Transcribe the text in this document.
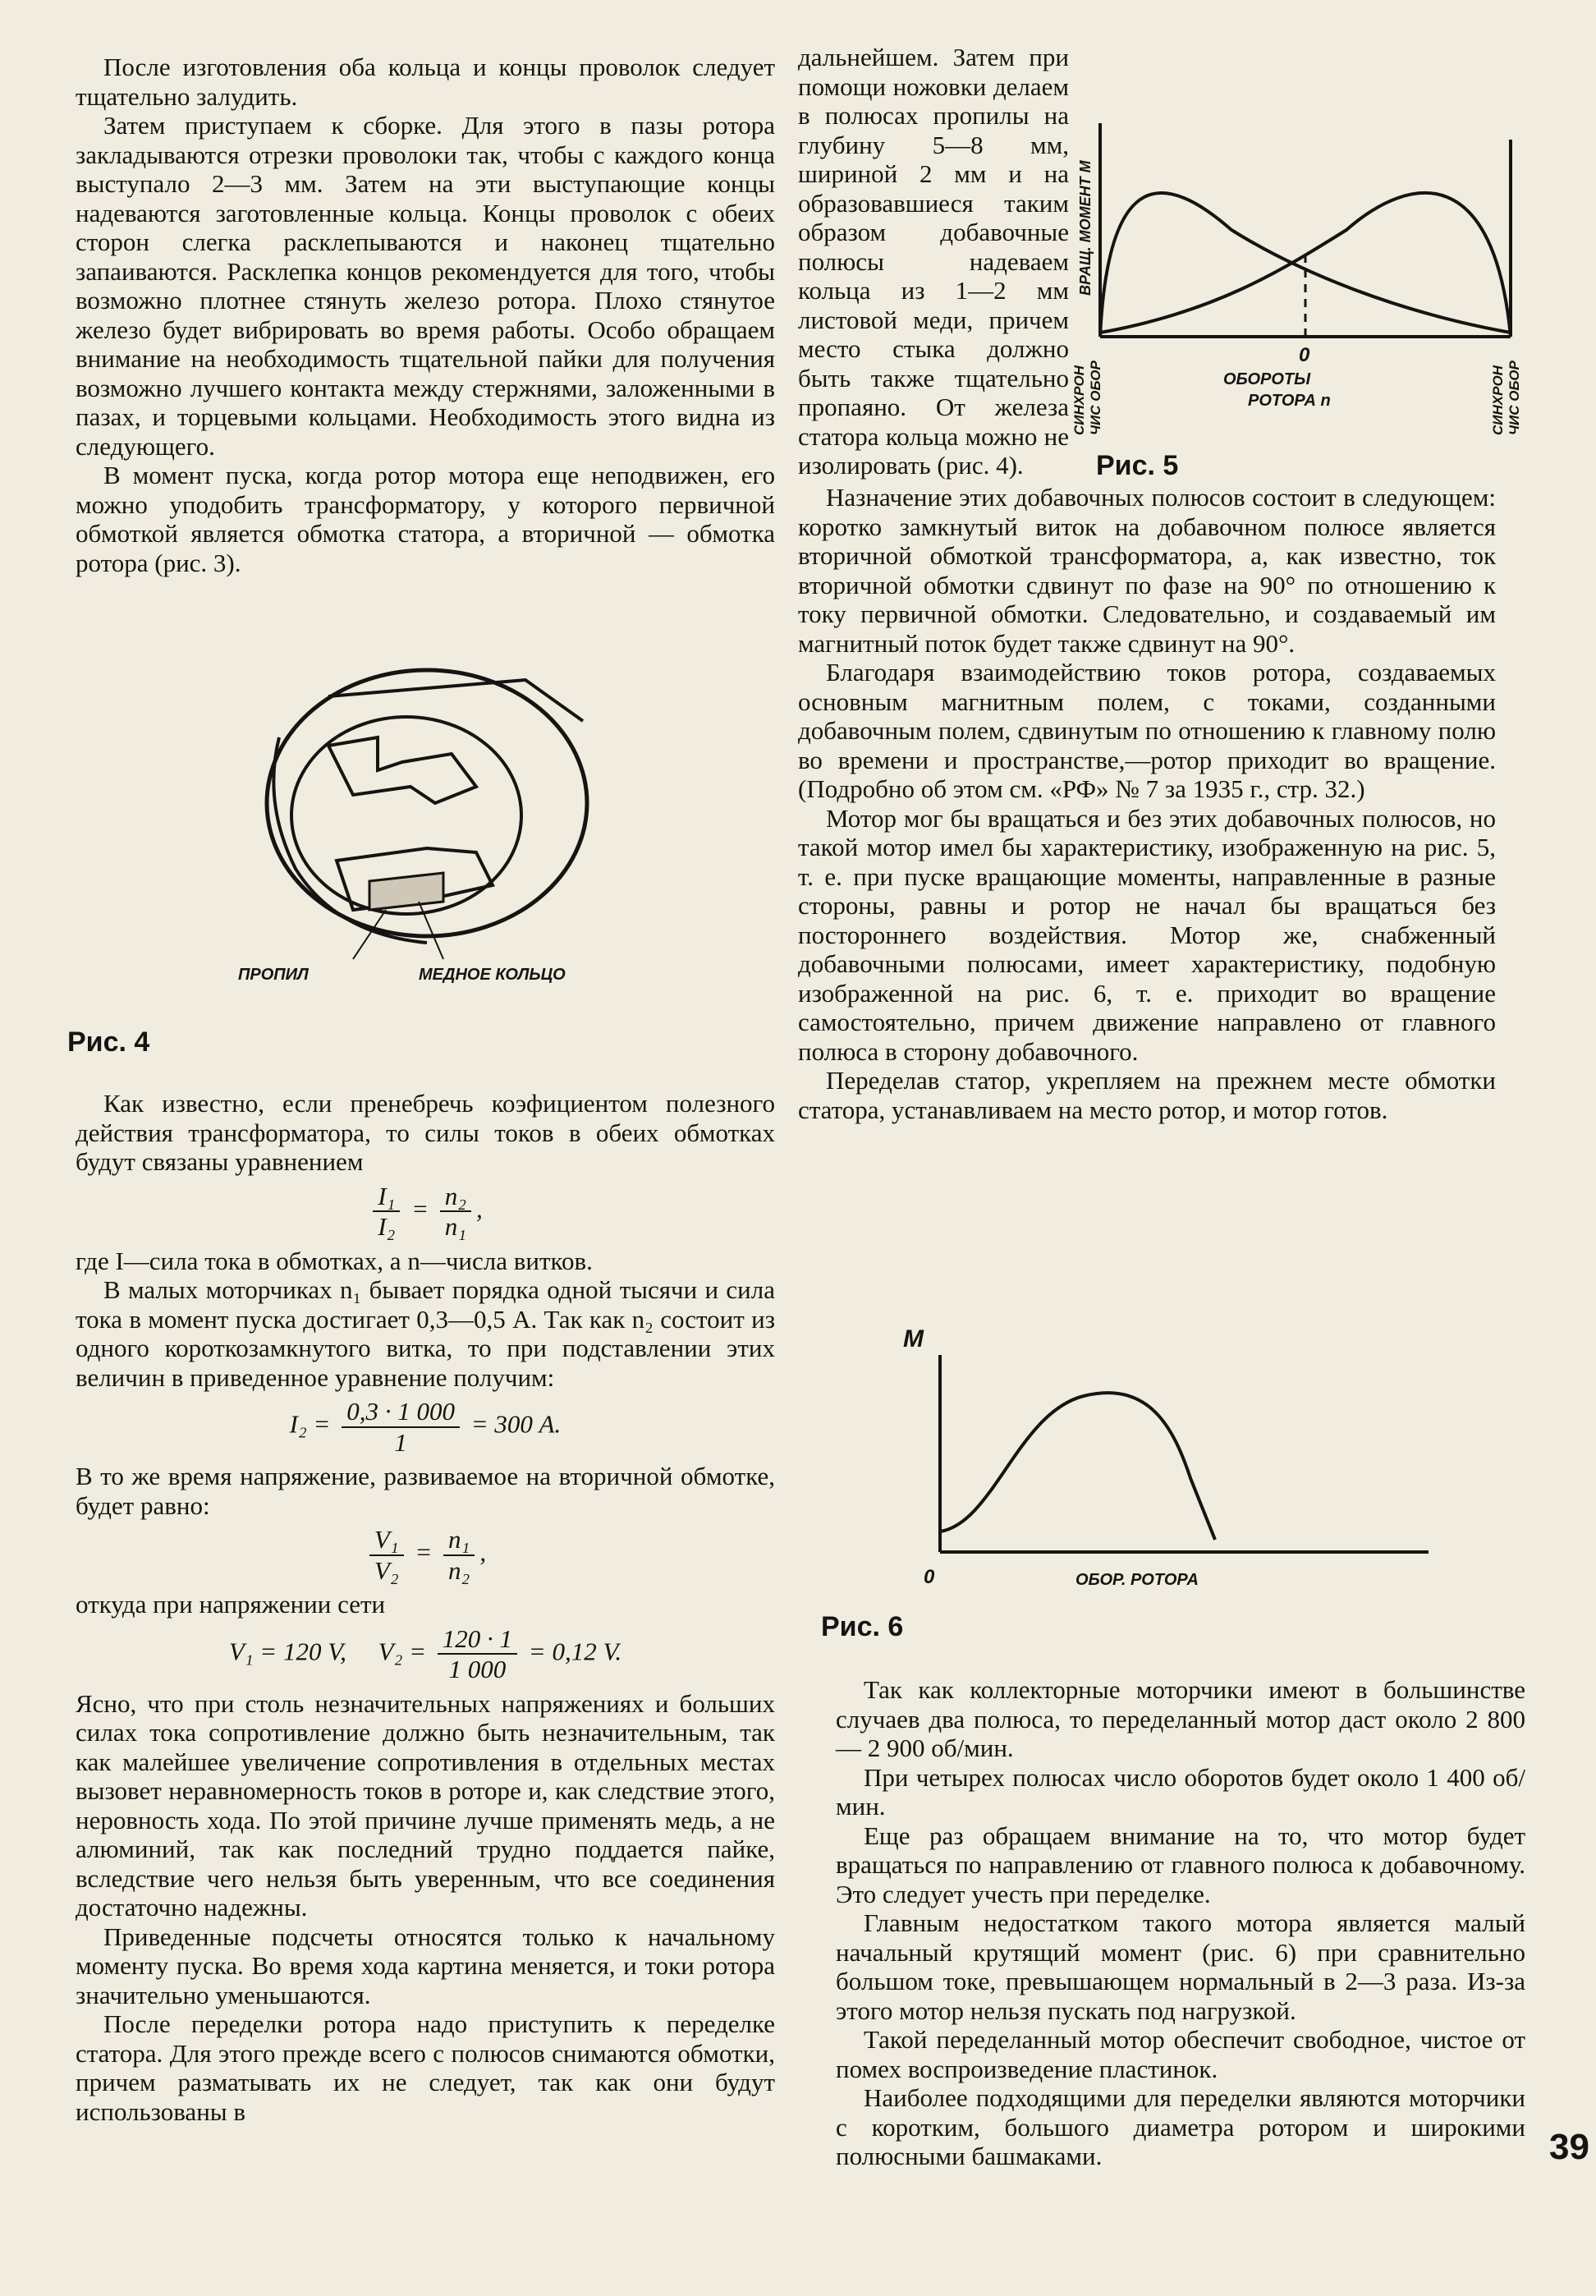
После изготовления оба кольца и концы проволок следует тщательно залудить.

Затем приступаем к сборке. Для этого в пазы ротора закладываются отрезки проволоки так, чтобы с каждого конца выступало 2—3 мм. Затем на эти выступающие концы надеваются заготовленные кольца. Концы проволок с обеих сторон слегка расклепываются и наконец тщательно запаиваются. Расклепка концов рекомендуется для того, чтобы возможно плотнее стянуть железо ротора. Плохо стянутое железо будет вибрировать во время работы. Особо обращаем внимание на необходимость тщательной пайки для получения возможно лучшего контакта между стержнями, заложенными в пазах, и торцевыми кольцами. Необходимость этого видна из следующего.

В момент пуска, когда ротор мотора еще неподвижен, его можно уподобить трансформатору, у которого первичной обмоткой является обмотка статора, а вторичной — обмотка ротора (рис. 3).

ПРОПИЛ	МЕДНОЕ КОЛЬЦО
Рис. 4

Как известно, если пренебречь коэфициентом полезного действия трансформатора, то силы токов в обеих обмотках будут связаны уравнением

$\frac{\text{I₁}}{\text{I₂}} = \frac{\text{n₂}}{\text{n₁}}$ ,

где I—сила тока в обмотках, а n—числа витков.

В малых моторчиках n₁ бывает порядка одной тысячи и сила тока в момент пуска достигает 0,3—0,5 А. Так как n₂ состоит из одного короткозамкнутого витка, то при подставлении этих величин в приведенное уравнение получим:

$I_2 = \frac{0,3 \cdot 1 000}{1} = 300$ А.

В то же время напряжение, развиваемое на вторичной обмотке, будет равно:

$\frac{\text{V₁}}{\text{V₂}} = \frac{\text{n₁}}{\text{n₂}}$ ,

откуда при напряжении сети

V₁ = 120 V, $V_2 = \frac{120 \cdot 1}{1 000} = 0,12$ V.

Ясно, что при столь незначительных напряжениях и больших силах тока сопротивление должно быть незначительным, так как малейшее увеличение сопротивления в отдельных местах вызовет неравномерность токов в роторе и, как следствие этого, неровность хода. По этой причине лучше применять медь, а не алюминий, так как последний трудно поддается пайке, вследствие чего нельзя быть уверенным, что все соединения достаточно надежны.

Приведенные подсчеты относятся только к начальному моменту пуска. Во время хода картина меняется, и токи ротора значительно уменьшаются.

После переделки ротора надо приступить к переделке статора. Для этого прежде всего с полюсов снимаются обмотки, причем разматывать их не следует, так как они будут использованы в

дальнейшем. Затем при помощи ножовки делаем в полюсах пропилы на глубину 5—8 мм, шириной 2 мм и на образовавшиеся таким образом добавочные полюсы надеваем кольца из 1—2 мм листовой меди, причем место стыка должно быть также тщательно пропаяно. От железа статора кольца можно не изолировать (рис. 4).

0
ОБОРОТЫ
РОТОРА n
ВРАЩ. МОМЕНТ М
СИНХРОН ЧИС ОБОР	СИНХРОН ЧИС ОБОР
Рис. 5

Назначение этих добавочных полюсов состоит в следующем: коротко замкнутый виток на добавочном полюсе является вторичной обмоткой трансформатора, а, как известно, ток вторичной обмотки сдвинут по фазе на 90° по отношению к току первичной обмотки. Следовательно, и создаваемый им магнитный поток будет также сдвинут на 90°.

Благодаря взаимодействию токов ротора, создаваемых основным магнитным полем, с токами, созданными добавочным полем, сдвинутым по отношению к главному полю во времени и пространстве,—ротор приходит во вращение. (Подробно об этом см. «РФ» № 7 за 1935 г., стр. 32.)

Мотор мог бы вращаться и без этих добавочных полюсов, но такой мотор имел бы характеристику, изображенную на рис. 5, т. е. при пуске вращающие моменты, направленные в разные стороны, равны и ротор не начал бы вращаться без постороннего воздействия. Мотор же, снабженный добавочными полюсами, имеет характеристику, подобную изображенной на рис. 6, т. е. приходит во вращение самостоятельно, причем движение направлено от главного полюса в сторону добавочного.

Переделав статор, укрепляем на прежнем месте обмотки статора, устанавливаем на место ротор, и мотор готов.

M
0	ОБОР. РОТОРА
Рис. 6

Так как коллекторные моторчики имеют в большинстве случаев два полюса, то переделанный мотор даст около 2 800 — 2 900 об/мин.

При четырех полюсах число оборотов будет около 1 400 об/мин.

Еще раз обращаем внимание на то, что мотор будет вращаться по направлению от главного полюса к добавочному. Это следует учесть при переделке.

Главным недостатком такого мотора является малый начальный крутящий момент (рис. 6) при сравнительно большом токе, превышающем нормальный в 2—3 раза. Из-за этого мотор нельзя пускать под нагрузкой.

Такой переделанный мотор обеспечит свободное, чистое от помех воспроизведение пластинок.

Наиболее подходящими для переделки являются моторчики с коротким, большого диаметра ротором и широкими полюсными башмаками.	39
